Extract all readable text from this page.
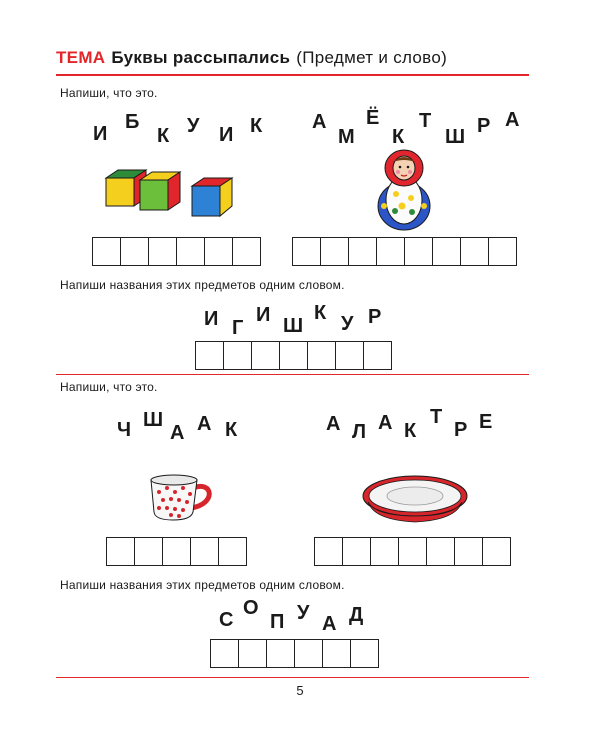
ТЕМА Буквы рассыпались (Предмет и слово)
Напиши, что это.
И
Б
К У И К А
М
Ё
К
Т
Ш Р А
Напиши названия этих предметов одним словом.
И Г
И Ш
К У Р
Напиши, что это.
Ч Ш
А А К	А Л А К
Т
Р Е
Напиши названия этих предметов одним словом.
С
О
П У А Д
5
